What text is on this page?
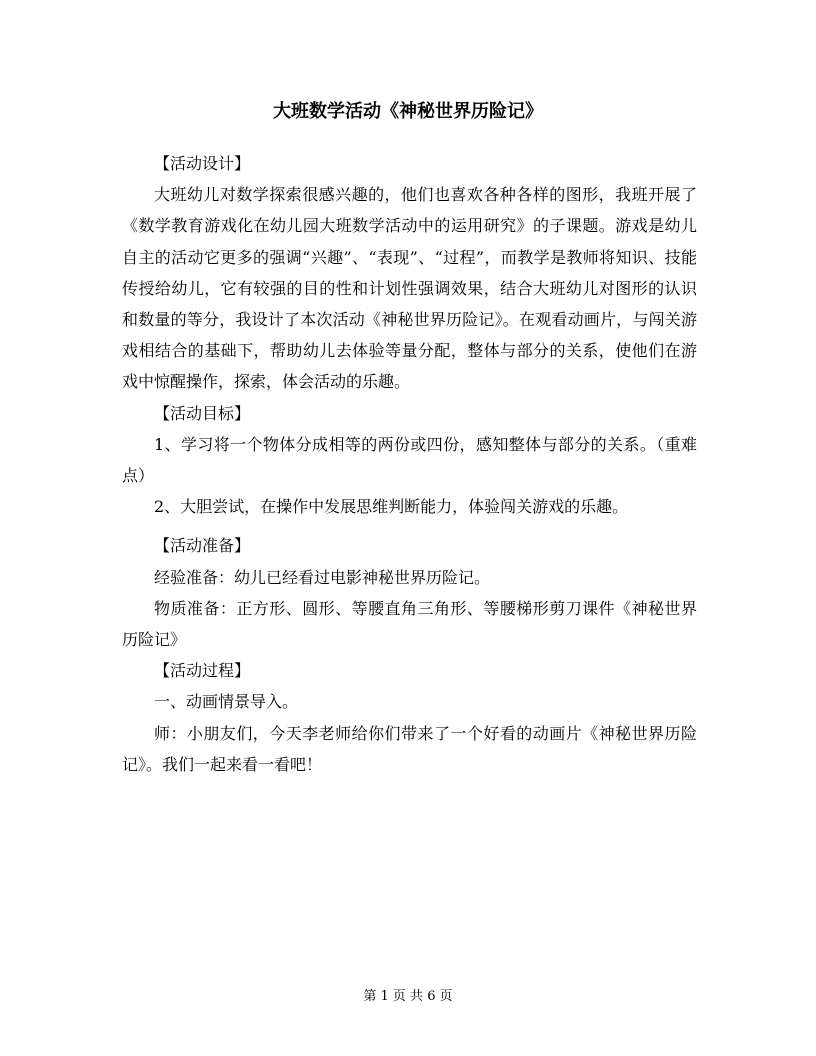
大班数学活动《神秘世界历险记》

【活动设计】

大班幼儿对数学探索很感兴趣的，他们也喜欢各种各样的图形，我班开展了《数学教育游戏化在幼儿园大班数学活动中的运用研究》的子课题。游戏是幼儿自主的活动它更多的强调“兴趣”、“表现”、“过程”，而教学是教师将知识、技能传授给幼儿，它有较强的目的性和计划性强调效果，结合大班幼儿对图形的认识和数量的等分，我设计了本次活动《神秘世界历险记》。在观看动画片，与闯关游戏相结合的基础下，帮助幼儿去体验等量分配，整体与部分的关系，使他们在游戏中惊醒操作，探索，体会活动的乐趣。

【活动目标】

1、学习将一个物体分成相等的两份或四份，感知整体与部分的关系。（重难点）

2、大胆尝试，在操作中发展思维判断能力，体验闯关游戏的乐趣。

【活动准备】

经验准备：幼儿已经看过电影神秘世界历险记。

物质准备：正方形、圆形、等腰直角三角形、等腰梯形剪刀课件《神秘世界历险记》

【活动过程】

一、动画情景导入。

师：小朋友们，今天李老师给你们带来了一个好看的动画片《神秘世界历险记》。我们一起来看一看吧！

第 1 页 共 6 页
